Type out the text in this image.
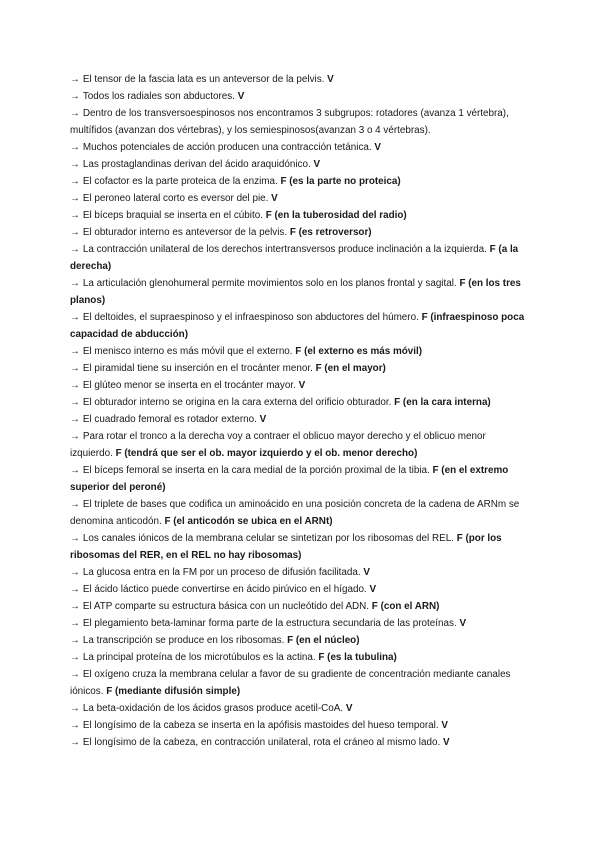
→ El tensor de la fascia lata es un anteversor de la pelvis. V

→ Todos los radiales son abductores. V

→ Dentro de los transversoespinosos nos encontramos 3 subgrupos: rotadores (avanza 1 vértebra), multífidos (avanzan dos vértebras), y los semiespinosos(avanzan 3 o 4 vértebras).

→ Muchos potenciales de acción producen una contracción tetánica. V

→ Las prostaglandinas derivan del ácido araquidónico. V

→ El cofactor es la parte proteica de la enzima. F (es la parte no proteica)

→ El peroneo lateral corto es eversor del pie. V

→ El bíceps braquial se inserta en el cúbito. F (en la tuberosidad del radio)

→ El obturador interno es anteversor de la pelvis. F (es retroversor)

→ La contracción unilateral de los derechos intertransversos produce inclinación a la izquierda. F (a la derecha)

→ La articulación glenohumeral permite movimientos solo en los planos frontal y sagital. F (en los tres planos)

→ El deltoides, el supraespinoso y el infraespinoso son abductores del húmero. F (infraespinoso poca capacidad de abducción)

→ El menisco interno es más móvil que el externo. F (el externo es más móvil)

→ El piramidal tiene su inserción en el trocánter menor. F (en el mayor)

→ El glúteo menor se inserta en el trocánter mayor. V

→ El obturador interno se origina en la cara externa del orificio obturador. F (en la cara interna)

→ El cuadrado femoral es rotador externo. V

→ Para rotar el tronco a la derecha voy a contraer el oblicuo mayor derecho y el oblicuo menor izquierdo. F (tendrá que ser el ob. mayor izquierdo y el ob. menor derecho)

→ El bíceps femoral se inserta en la cara medial de la porción proximal de la tibia. F (en el extremo superior del peroné)

→ El triplete de bases que codifica un aminoácido en una posición concreta de la cadena de ARNm se denomina anticodón. F (el anticodón se ubica en el ARNt)

→ Los canales iónicos de la membrana celular se sintetizan por los ribosomas del REL. F (por los ribosomas del RER, en el REL no hay ribosomas)

→ La glucosa entra en la FM por un proceso de difusión facilitada. V

→ El ácido láctico puede convertirse en ácido pirúvico en el hígado. V

→ El ATP comparte su estructura básica con un nucleótido del ADN. F (con el ARN)

→ El plegamiento beta-laminar forma parte de la estructura secundaria de las proteínas. V

→ La transcripción se produce en los ribosomas. F (en el núcleo)

→ La principal proteína de los microtúbulos es la actina. F (es la tubulina)

→ El oxígeno cruza la membrana celular a favor de su gradiente de concentración mediante canales iónicos. F (mediante difusión simple)

→ La beta-oxidación de los ácidos grasos produce acetil-CoA. V

→ El longísimo de la cabeza se inserta en la apófisis mastoides del hueso temporal. V

→ El longísimo de la cabeza, en contracción unilateral, rota el cráneo al mismo lado. V
